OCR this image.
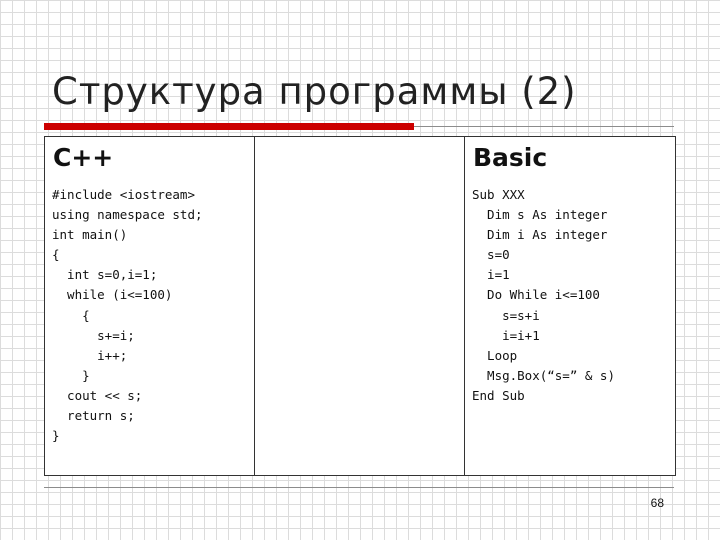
Структура программы (2)
C++
#include <iostream>
using namespace std;
int main()
{
int s=0,i=1;
while (i<=100)
{
s+=i;
i++;
}
cout << s;
return s;
}
Basic
Sub XXX
Dim s As integer
Dim i As integer
s=0
i=1
Do While i<=100
s=s+i
i=i+1
Loop
Msg.Box(“s=” & s)
End Sub
68
